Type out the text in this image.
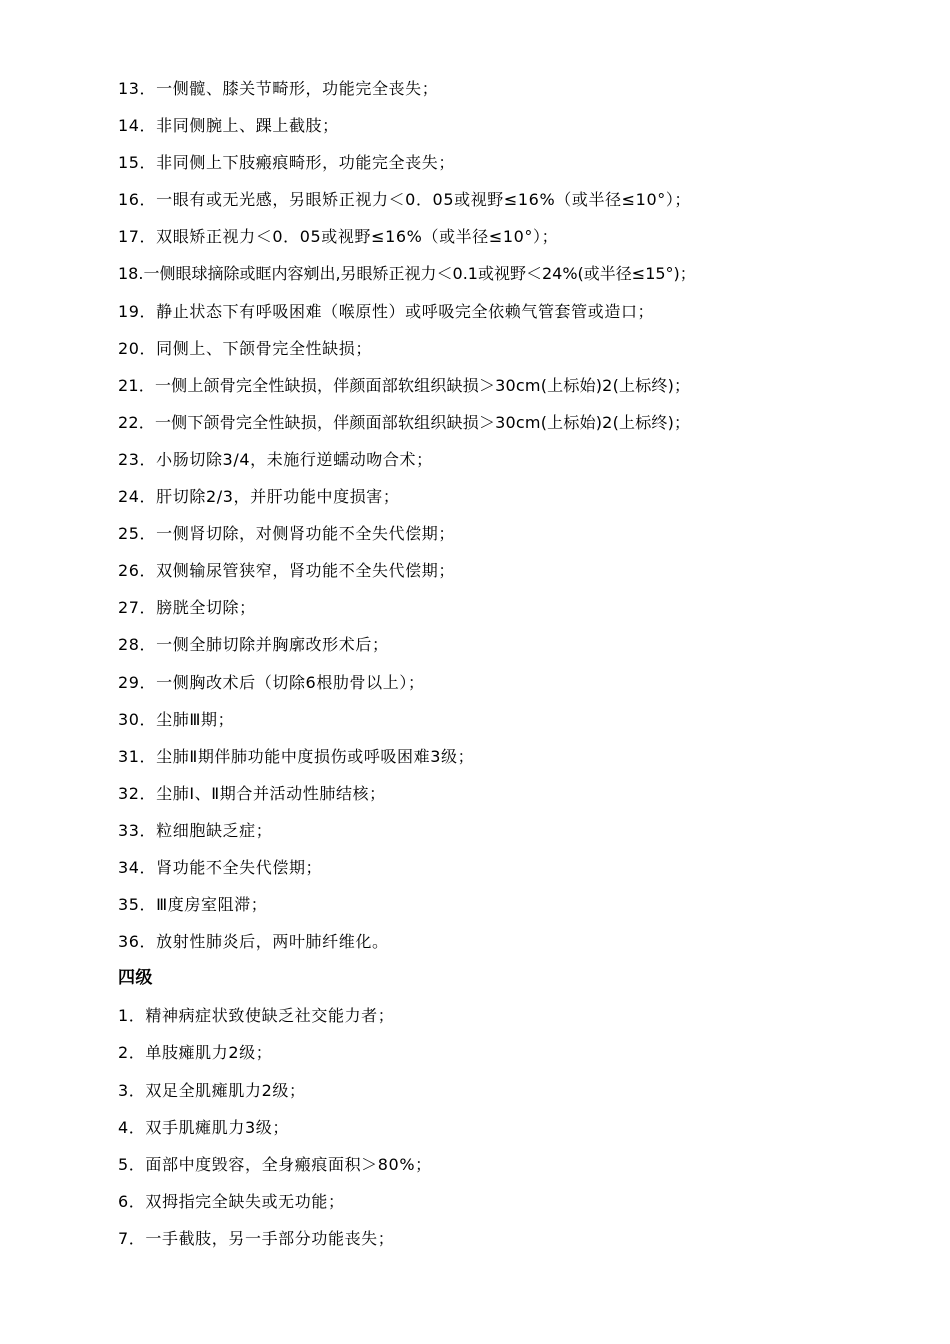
13．一侧髋、膝关节畸形，功能完全丧失；
14．非同侧腕上、踝上截肢；
15．非同侧上下肢瘢痕畸形，功能完全丧失；
16．一眼有或无光感，另眼矫正视力＜0．05或视野≤16%（或半径≤10°）；
17．双眼矫正视力＜0．05或视野≤16%（或半径≤10°）；
18.一侧眼球摘除或眶内容剜出,另眼矫正视力＜0.1或视野＜24%(或半径≤15°)；
19．静止状态下有呼吸困难（喉原性）或呼吸完全依赖气管套管或造口；
20．同侧上、下颌骨完全性缺损；
21．一侧上颌骨完全性缺损，伴颜面部软组织缺损＞30cm(上标始)2(上标终)；
22．一侧下颌骨完全性缺损，伴颜面部软组织缺损＞30cm(上标始)2(上标终)；
23．小肠切除3/4，未施行逆蠕动吻合术；
24．肝切除2/3，并肝功能中度损害；
25．一侧肾切除，对侧肾功能不全失代偿期；
26．双侧输尿管狭窄，肾功能不全失代偿期；
27．膀胱全切除；
28．一侧全肺切除并胸廓改形术后；
29．一侧胸改术后（切除6根肋骨以上）；
30．尘肺Ⅲ期；
31．尘肺Ⅱ期伴肺功能中度损伤或呼吸困难3级；
32．尘肺Ⅰ、Ⅱ期合并活动性肺结核；
33．粒细胞缺乏症；
34．肾功能不全失代偿期；
35．Ⅲ度房室阻滞；
36．放射性肺炎后，两叶肺纤维化。
四级
1．精神病症状致使缺乏社交能力者；
2．单肢瘫肌力2级；
3．双足全肌瘫肌力2级；
4．双手肌瘫肌力3级；
5．面部中度毁容，全身瘢痕面积＞80%；
6．双拇指完全缺失或无功能；
7．一手截肢，另一手部分功能丧失；
